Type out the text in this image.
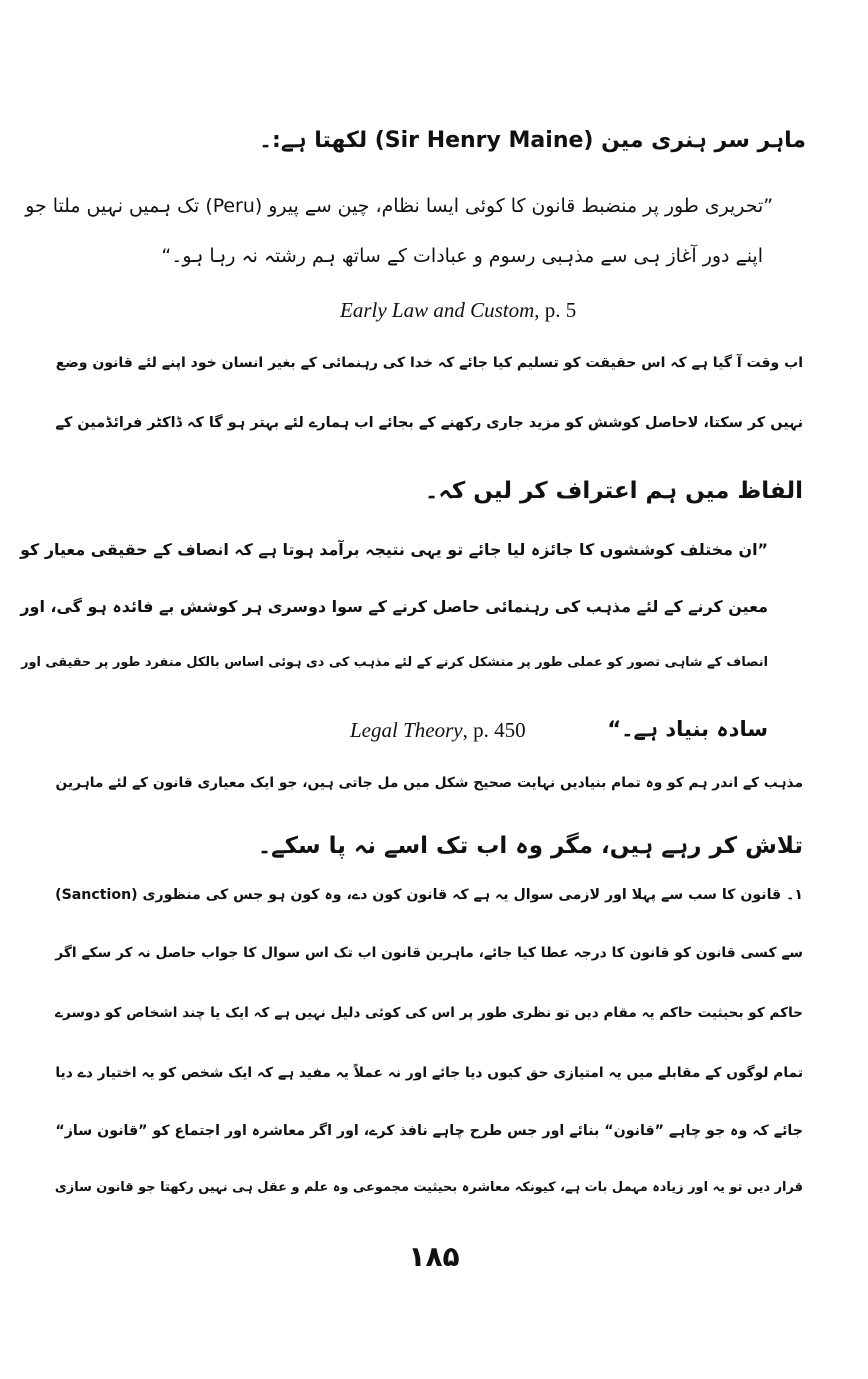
ماہر سر ہنری مین (Sir Henry Maine) لکھتا ہے:۔
”تحریری طور پر منضبط قانون کا کوئی ایسا نظام، چین سے پیرو (Peru) تک ہمیں نہیں ملتا جو
اپنے دور آغاز ہی سے مذہبی رسوم و عبادات کے ساتھ ہم رشتہ نہ رہا ہو۔“
Early Law and Custom, p. 5
اب وقت آ گیا ہے کہ اس حقیقت کو تسلیم کیا جائے کہ خدا کی رہنمائی کے بغیر انسان خود اپنے لئے قانون وضع
نہیں کر سکتا، لاحاصل کوشش کو مزید جاری رکھنے کے بجائے اب ہمارے لئے بہتر ہو گا کہ ڈاکٹر فرائڈمین کے
الفاظ میں ہم اعتراف کر لیں کہ۔
”ان مختلف کوششوں کا جائزہ لیا جائے تو یہی نتیجہ برآمد ہوتا ہے کہ انصاف کے حقیقی معیار کو
معین کرنے کے لئے مذہب کی رہنمائی حاصل کرنے کے سوا دوسری ہر کوشش بے فائدہ ہو گی، اور
انصاف کے شاہی تصور کو عملی طور پر متشکل کرنے کے لئے مذہب کی دی ہوئی اساس بالکل منفرد طور پر حقیقی اور
سادہ بنیاد ہے۔“
Legal Theory, p. 450
مذہب کے اندر ہم کو وہ تمام بنیادیں نہایت صحیح شکل میں مل جاتی ہیں، جو ایک معیاری قانون کے لئے ماہرین
تلاش کر رہے ہیں، مگر وہ اب تک اسے نہ پا سکے۔
۱۔ قانون کا سب سے پہلا اور لازمی سوال یہ ہے کہ قانون کون دے، وہ کون ہو جس کی منظوری (Sanction)
سے کسی قانون کو قانون کا درجہ عطا کیا جائے، ماہرین قانون اب تک اس سوال کا جواب حاصل نہ کر سکے اگر
حاکم کو بحیثیت حاکم یہ مقام دیں تو نظری طور پر اس کی کوئی دلیل نہیں ہے کہ ایک یا چند اشخاص کو دوسرے
تمام لوگوں کے مقابلے میں یہ امتیازی حق کیوں دیا جائے اور نہ عملاً یہ مفید ہے کہ ایک شخص کو یہ اختیار دے دیا
جائے کہ وہ جو چاہے ”قانون“ بنائے اور جس طرح چاہے نافذ کرے، اور اگر معاشرہ اور اجتماع کو ”قانون ساز“
قرار دیں تو یہ اور زیادہ مہمل بات ہے، کیونکہ معاشرہ بحیثیت مجموعی وہ علم و عقل ہی نہیں رکھتا جو قانون سازی
۱۸۵
